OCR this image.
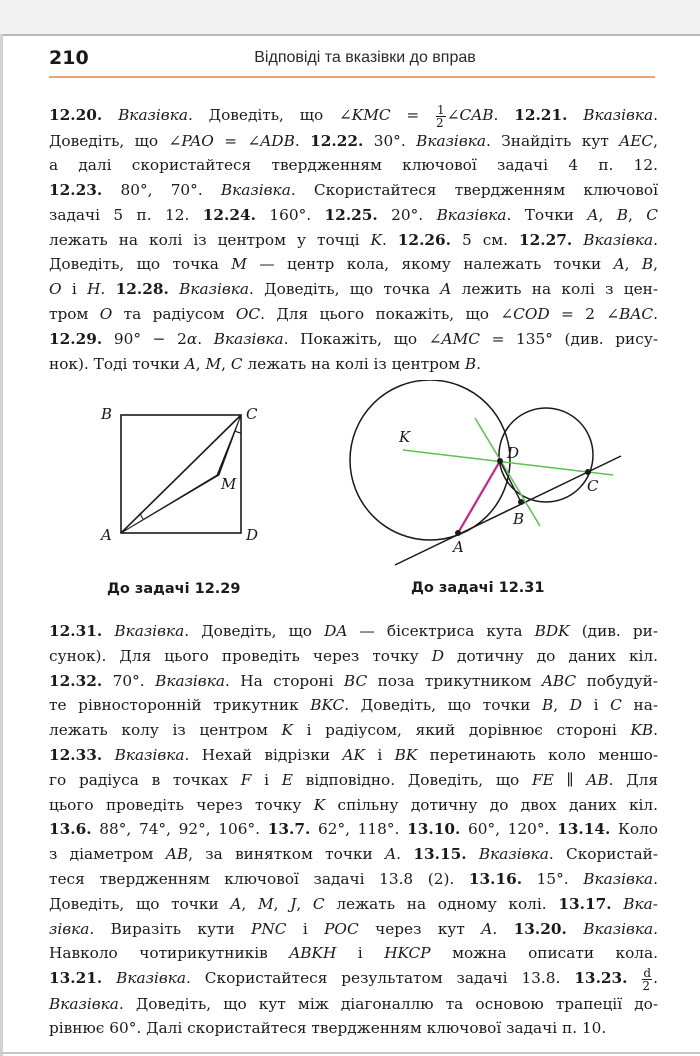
210	Відповіді та вказівки до вправ
12.20. Вказівка. Доведіть, що ∠KMC = $\frac{1}{2}$ ∠CAB. 12.21. Вказівка.
Доведіть, що ∠PAO = ∠ADB. 12.22. 30°. Вказівка. Знайдіть кут AEC,
а далі скористайтеся твердженням ключової задачі 4 п. 12.
12.23. 80°, 70°. Вказівка. Скористайтеся твердженням ключової
задачі 5 п. 12. 12.24. 160°. 12.25. 20°. Вказівка. Точки A, B, C
лежать на колі із центром у точці K. 12.26. 5 см. 12.27. Вказівка.
Доведіть, що точка M — центр кола, якому належать точки A, B,
O і H. 12.28. Вказівка. Доведіть, що точка A лежить на колі з цен-
тром O та радіусом OC. Для цього покажіть, що ∠COD = 2 ∠BAC.
12.29. 90° − 2α. Вказівка. Покажіть, що ∠AMC = 135° (див. рису-
нок). Тоді точки A, M, C лежать на колі із центром B.
B	C
A	D
M
До задачі 12.29
K
D
C
B
A
До задачі 12.31
12.31. Вказівка. Доведіть, що DA — бісектриса кута BDK (див. ри-
сунок). Для цього проведіть через точку D дотичну до даних кіл.
12.32. 70°. Вказівка. На стороні BC поза трикутником ABC побудуй-
те рівносторонній трикутник BKC. Доведіть, що точки B, D і C на-
лежать колу із центром K і радіусом, який дорівнює стороні KB.
12.33. Вказівка. Нехай відрізки AK і BK перетинають коло меншо-
го радіуса в точках F і E відповідно. Доведіть, що FE ∥ AB. Для
цього проведіть через точку K спільну дотичну до двох даних кіл.
13.6. 88°, 74°, 92°, 106°. 13.7. 62°, 118°. 13.10. 60°, 120°. 13.14. Коло
з діаметром AB, за винятком точки A. 13.15. Вказівка. Скористай-
теся твердженням ключової задачі 13.8 (2). 13.16. 15°. Вказівка.
Доведіть, що точки A, M, J, C лежать на одному колі. 13.17. Вка-
зівка. Виразіть кути PNC і POC через кут A. 13.20. Вказівка.
Навколо чотирикутників ABKH і HKCP можна описати кола.
13.21. Вказівка. Скористайтеся результатом задачі 13.8. 13.23. $\frac{d}{2}$ .
Вказівка. Доведіть, що кут між діагоналлю та основою трапеції до-
рівнює 60°. Далі скористайтеся твердженням ключової задачі п. 10.
